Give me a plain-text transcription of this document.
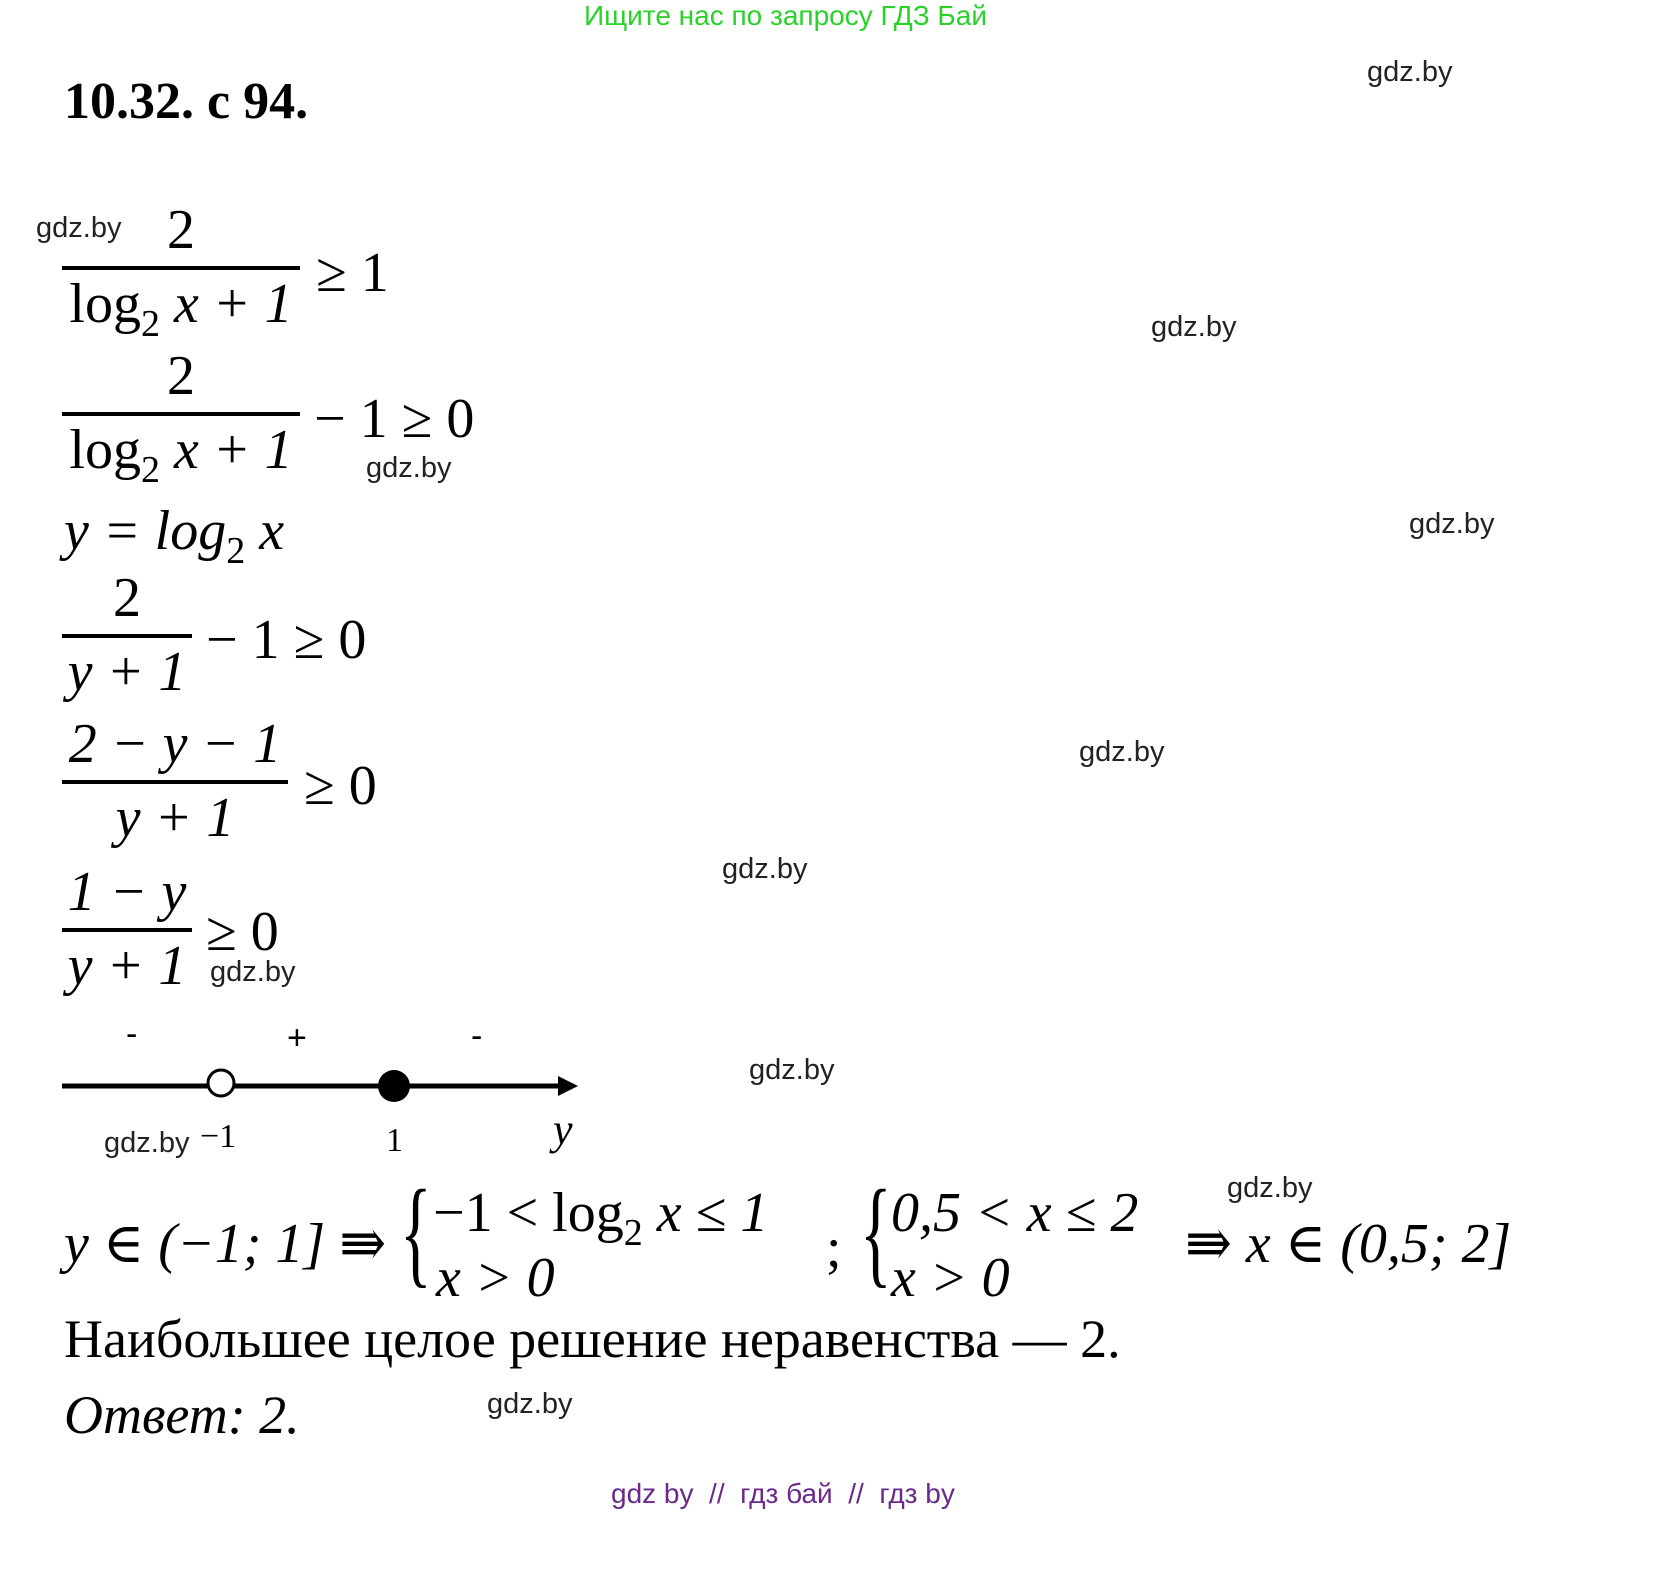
Ищите нас по запросу ГДЗ Бай
10.32. с 94.
gdz.by
gdz.by
gdz.by
gdz.by
gdz.by
gdz.by
gdz.by
gdz.by
gdz.by
gdz.by
gdz.by
gdz.by
2
$\log_2 x + 1 \ge 1$
2
$\log_2 x + 1 - 1 \ge 0$
$y = \log_2 x$
2
y + 1
− 1 ≥ 0
2 − y − 1
y + 1
≥ 0
1 − y
y + 1
≥ 0
-	+	-
−1	1	y
y ∈ (−1; 1] ⇛ { $-1 < \log_2 x \le 1$
x > 0	; { 0,5 < x ≤ 2
x > 0
⇛ x ∈ (0,5; 2]
Наибольшее целое решение неравенства — 2.
Ответ: 2.
gdz by  //  гдз бай  //  гдз by
